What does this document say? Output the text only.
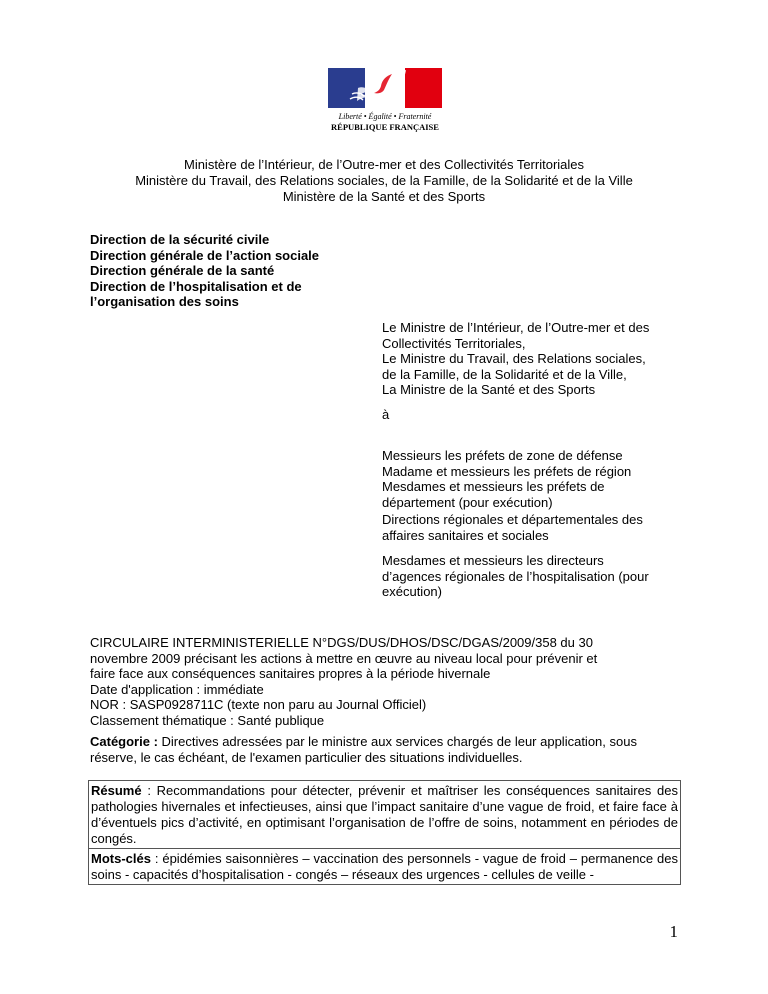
Liberté • Égalité • Fraternité
RÉPUBLIQUE FRANÇAISE
Ministère de l’Intérieur, de l’Outre-mer et des Collectivités Territoriales
Ministère du Travail, des Relations sociales, de la Famille, de la Solidarité et de la Ville
Ministère de la Santé et des Sports
Direction de la sécurité civile
Direction générale de l’action sociale
Direction générale de la santé
Direction de l’hospitalisation et de
l’organisation des soins
Le Ministre de l’Intérieur, de l’Outre-mer et des
Collectivités Territoriales,
Le Ministre du Travail, des Relations sociales,
de la Famille, de la Solidarité et de la Ville,
La Ministre de la Santé et des Sports
à
Messieurs les préfets de zone de défense
Madame et messieurs les préfets de région
Mesdames et messieurs les préfets de
département (pour exécution)
Directions régionales et départementales des
affaires sanitaires et sociales
Mesdames et messieurs les directeurs
d’agences régionales de l’hospitalisation (pour
exécution)
CIRCULAIRE INTERMINISTERIELLE N°DGS/DUS/DHOS/DSC/DGAS/2009/358 du 30
novembre 2009 précisant les actions à mettre en œuvre au niveau local pour prévenir et
faire face aux conséquences sanitaires propres à la période hivernale
Date d'application : immédiate
NOR : SASP0928711C (texte non paru au Journal Officiel)
Classement thématique : Santé publique
Catégorie : Directives adressées par le ministre aux services chargés de leur application, sous
réserve, le cas échéant, de l'examen particulier des situations individuelles.
Résumé : Recommandations pour détecter, prévenir et maîtriser les conséquences sanitaires des pathologies hivernales et infectieuses, ainsi que l’impact sanitaire d’une vague de froid, et faire face à d’éventuels pics d’activité, en optimisant l’organisation de l’offre de soins, notamment en périodes de congés.
Mots-clés : épidémies saisonnières – vaccination des personnels - vague de froid – permanence des soins - capacités d’hospitalisation - congés – réseaux des urgences - cellules de veille -
1
